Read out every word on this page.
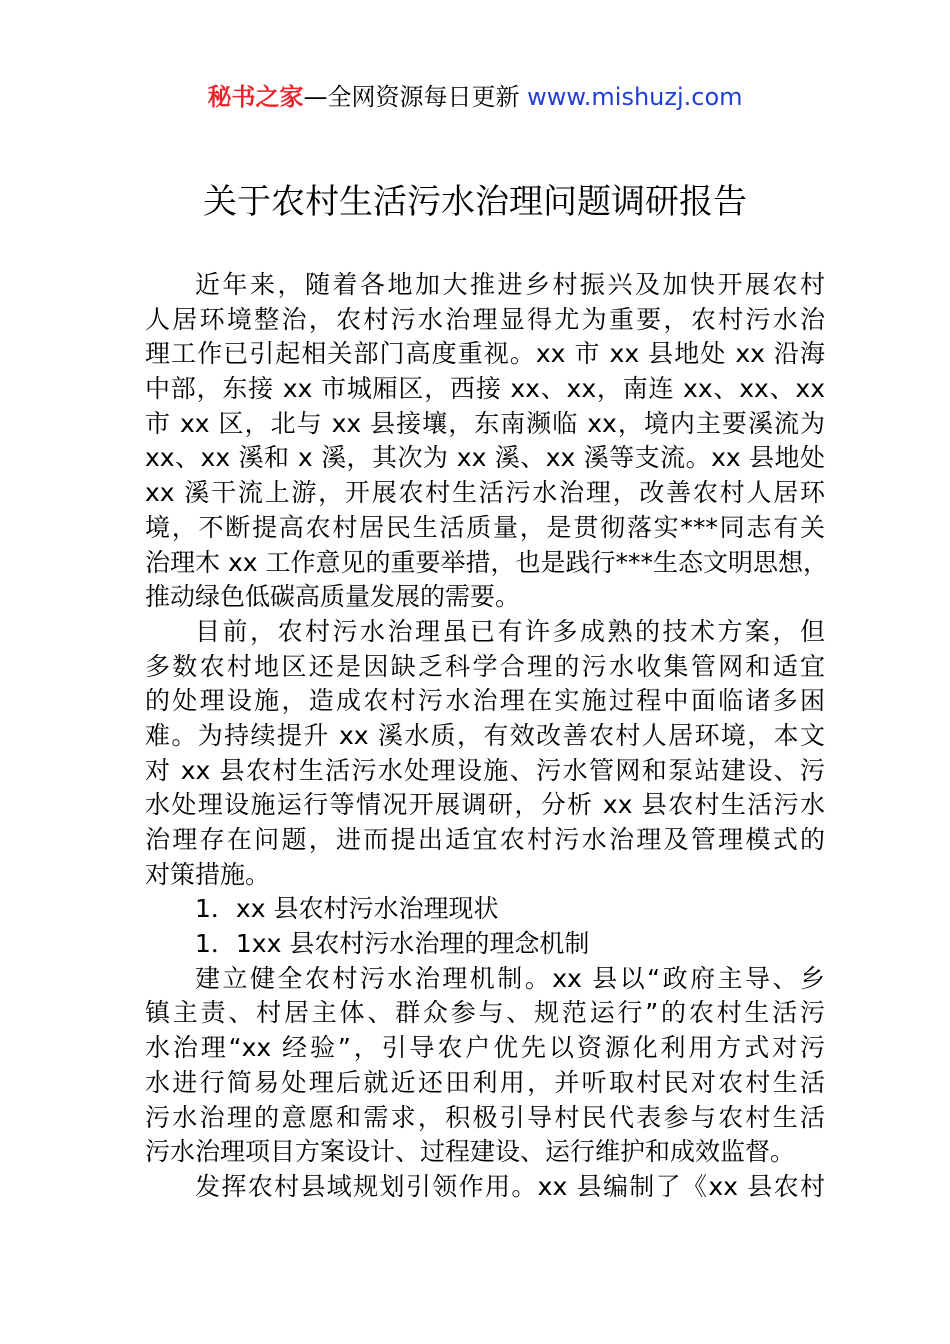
秘书之家—全网资源每日更新 www.mishuzj.com
关于农村生活污水治理问题调研报告
近年来，随着各地加大推进乡村振兴及加快开展农村
人居环境整治，农村污水治理显得尤为重要，农村污水治
理工作已引起相关部门高度重视。xx 市 xx 县地处 xx 沿海
中部，东接 xx 市城厢区，西接 xx、xx，南连 xx、xx、xx
市 xx 区，北与 xx 县接壤，东南濒临 xx，境内主要溪流为
xx、xx 溪和 x 溪，其次为 xx 溪、xx 溪等支流。xx 县地处
xx 溪干流上游，开展农村生活污水治理，改善农村人居环
境，不断提高农村居民生活质量，是贯彻落实***同志有关
治理木 xx 工作意见的重要举措，也是践行***生态文明思想，
推动绿色低碳高质量发展的需要。
目前，农村污水治理虽已有许多成熟的技术方案，但
多数农村地区还是因缺乏科学合理的污水收集管网和适宜
的处理设施，造成农村污水治理在实施过程中面临诸多困
难。为持续提升 xx 溪水质，有效改善农村人居环境，本文
对 xx 县农村生活污水处理设施、污水管网和泵站建设、污
水处理设施运行等情况开展调研，分析 xx 县农村生活污水
治理存在问题，进而提出适宜农村污水治理及管理模式的
对策措施。
1．xx 县农村污水治理现状
1．1xx 县农村污水治理的理念机制
建立健全农村污水治理机制。xx 县以“政府主导、乡
镇主责、村居主体、群众参与、规范运行”的农村生活污
水治理“xx 经验”，引导农户优先以资源化利用方式对污
水进行简易处理后就近还田利用，并听取村民对农村生活
污水治理的意愿和需求，积极引导村民代表参与农村生活
污水治理项目方案设计、过程建设、运行维护和成效监督。
发挥农村县域规划引领作用。xx 县编制了《xx 县农村
